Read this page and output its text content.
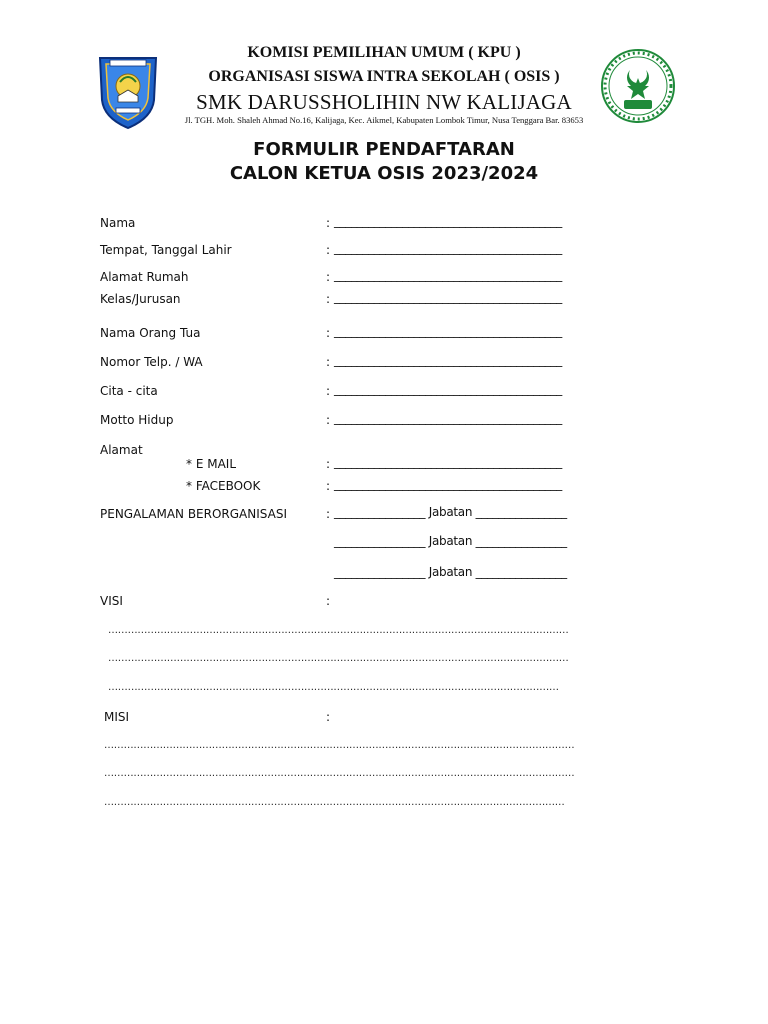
KOMISI PEMILIHAN UMUM ( KPU )
ORGANISASI SISWA INTRA SEKOLAH ( OSIS )
SMK DARUSSHOLIHIN NW KALIJAGA
Jl. TGH. Moh. Shaleh Ahmad No.16, Kalijaga, Kec. Aikmel, Kabupaten Lombok Timur, Nusa Tenggara Bar. 83653
FORMULIR PENDAFTARAN
CALON KETUA OSIS 2023/2024
Nama	: ________________________________________
Tempat, Tanggal Lahir	: ________________________________________
Alamat Rumah	: ________________________________________
Kelas/Jurusan	: ________________________________________
Nama Orang Tua	: ________________________________________
Nomor Telp. / WA	: ________________________________________
Cita - cita	: ________________________________________
Motto Hidup	: ________________________________________
Alamat
* E MAIL	: ________________________________________
* FACEBOOK	: ________________________________________
PENGALAMAN BERORGANISASI	: ________________ Jabatan ________________
________________ Jabatan ________________
________________ Jabatan ________________
VISI	:
……………………………………………………………………………………………………………………………
……………………………………………………………………………………………………………………………
…………………………………………………………………………………………………………………………
MISI	:
………………………………………………………………………………………………………………………………
………………………………………………………………………………………………………………………………
……………………………………………………………………………………………………………………………
